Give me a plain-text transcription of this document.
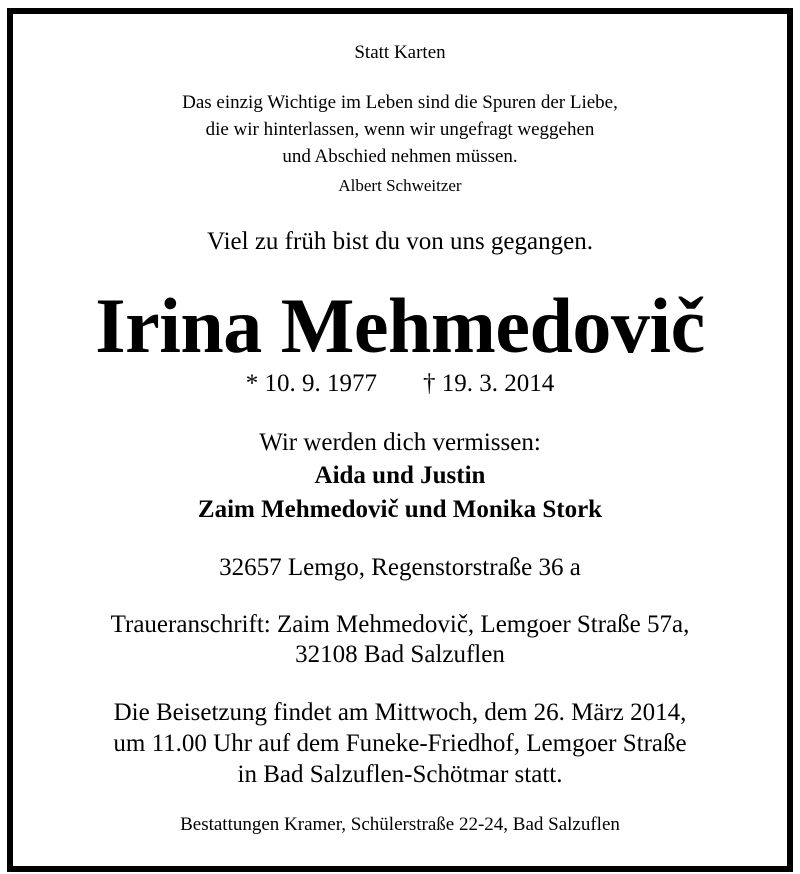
Statt Karten
Das einzig Wichtige im Leben sind die Spuren der Liebe,
die wir hinterlassen, wenn wir ungefragt weggehen
und Abschied nehmen müssen.
Albert Schweitzer
Viel zu früh bist du von uns gegangen.
Irina Mehmedovič
* 10. 9. 1977 † 19. 3. 2014
Wir werden dich vermissen:
Aida und Justin
Zaim Mehmedovič und Monika Stork
32657 Lemgo, Regenstorstraße 36 a
Traueranschrift: Zaim Mehmedovič, Lemgoer Straße 57a,
32108 Bad Salzuflen
Die Beisetzung findet am Mittwoch, dem 26. März 2014,
um 11.00 Uhr auf dem Funeke-Friedhof, Lemgoer Straße
in Bad Salzuflen-Schötmar statt.
Bestattungen Kramer, Schülerstraße 22-24, Bad Salzuflen
